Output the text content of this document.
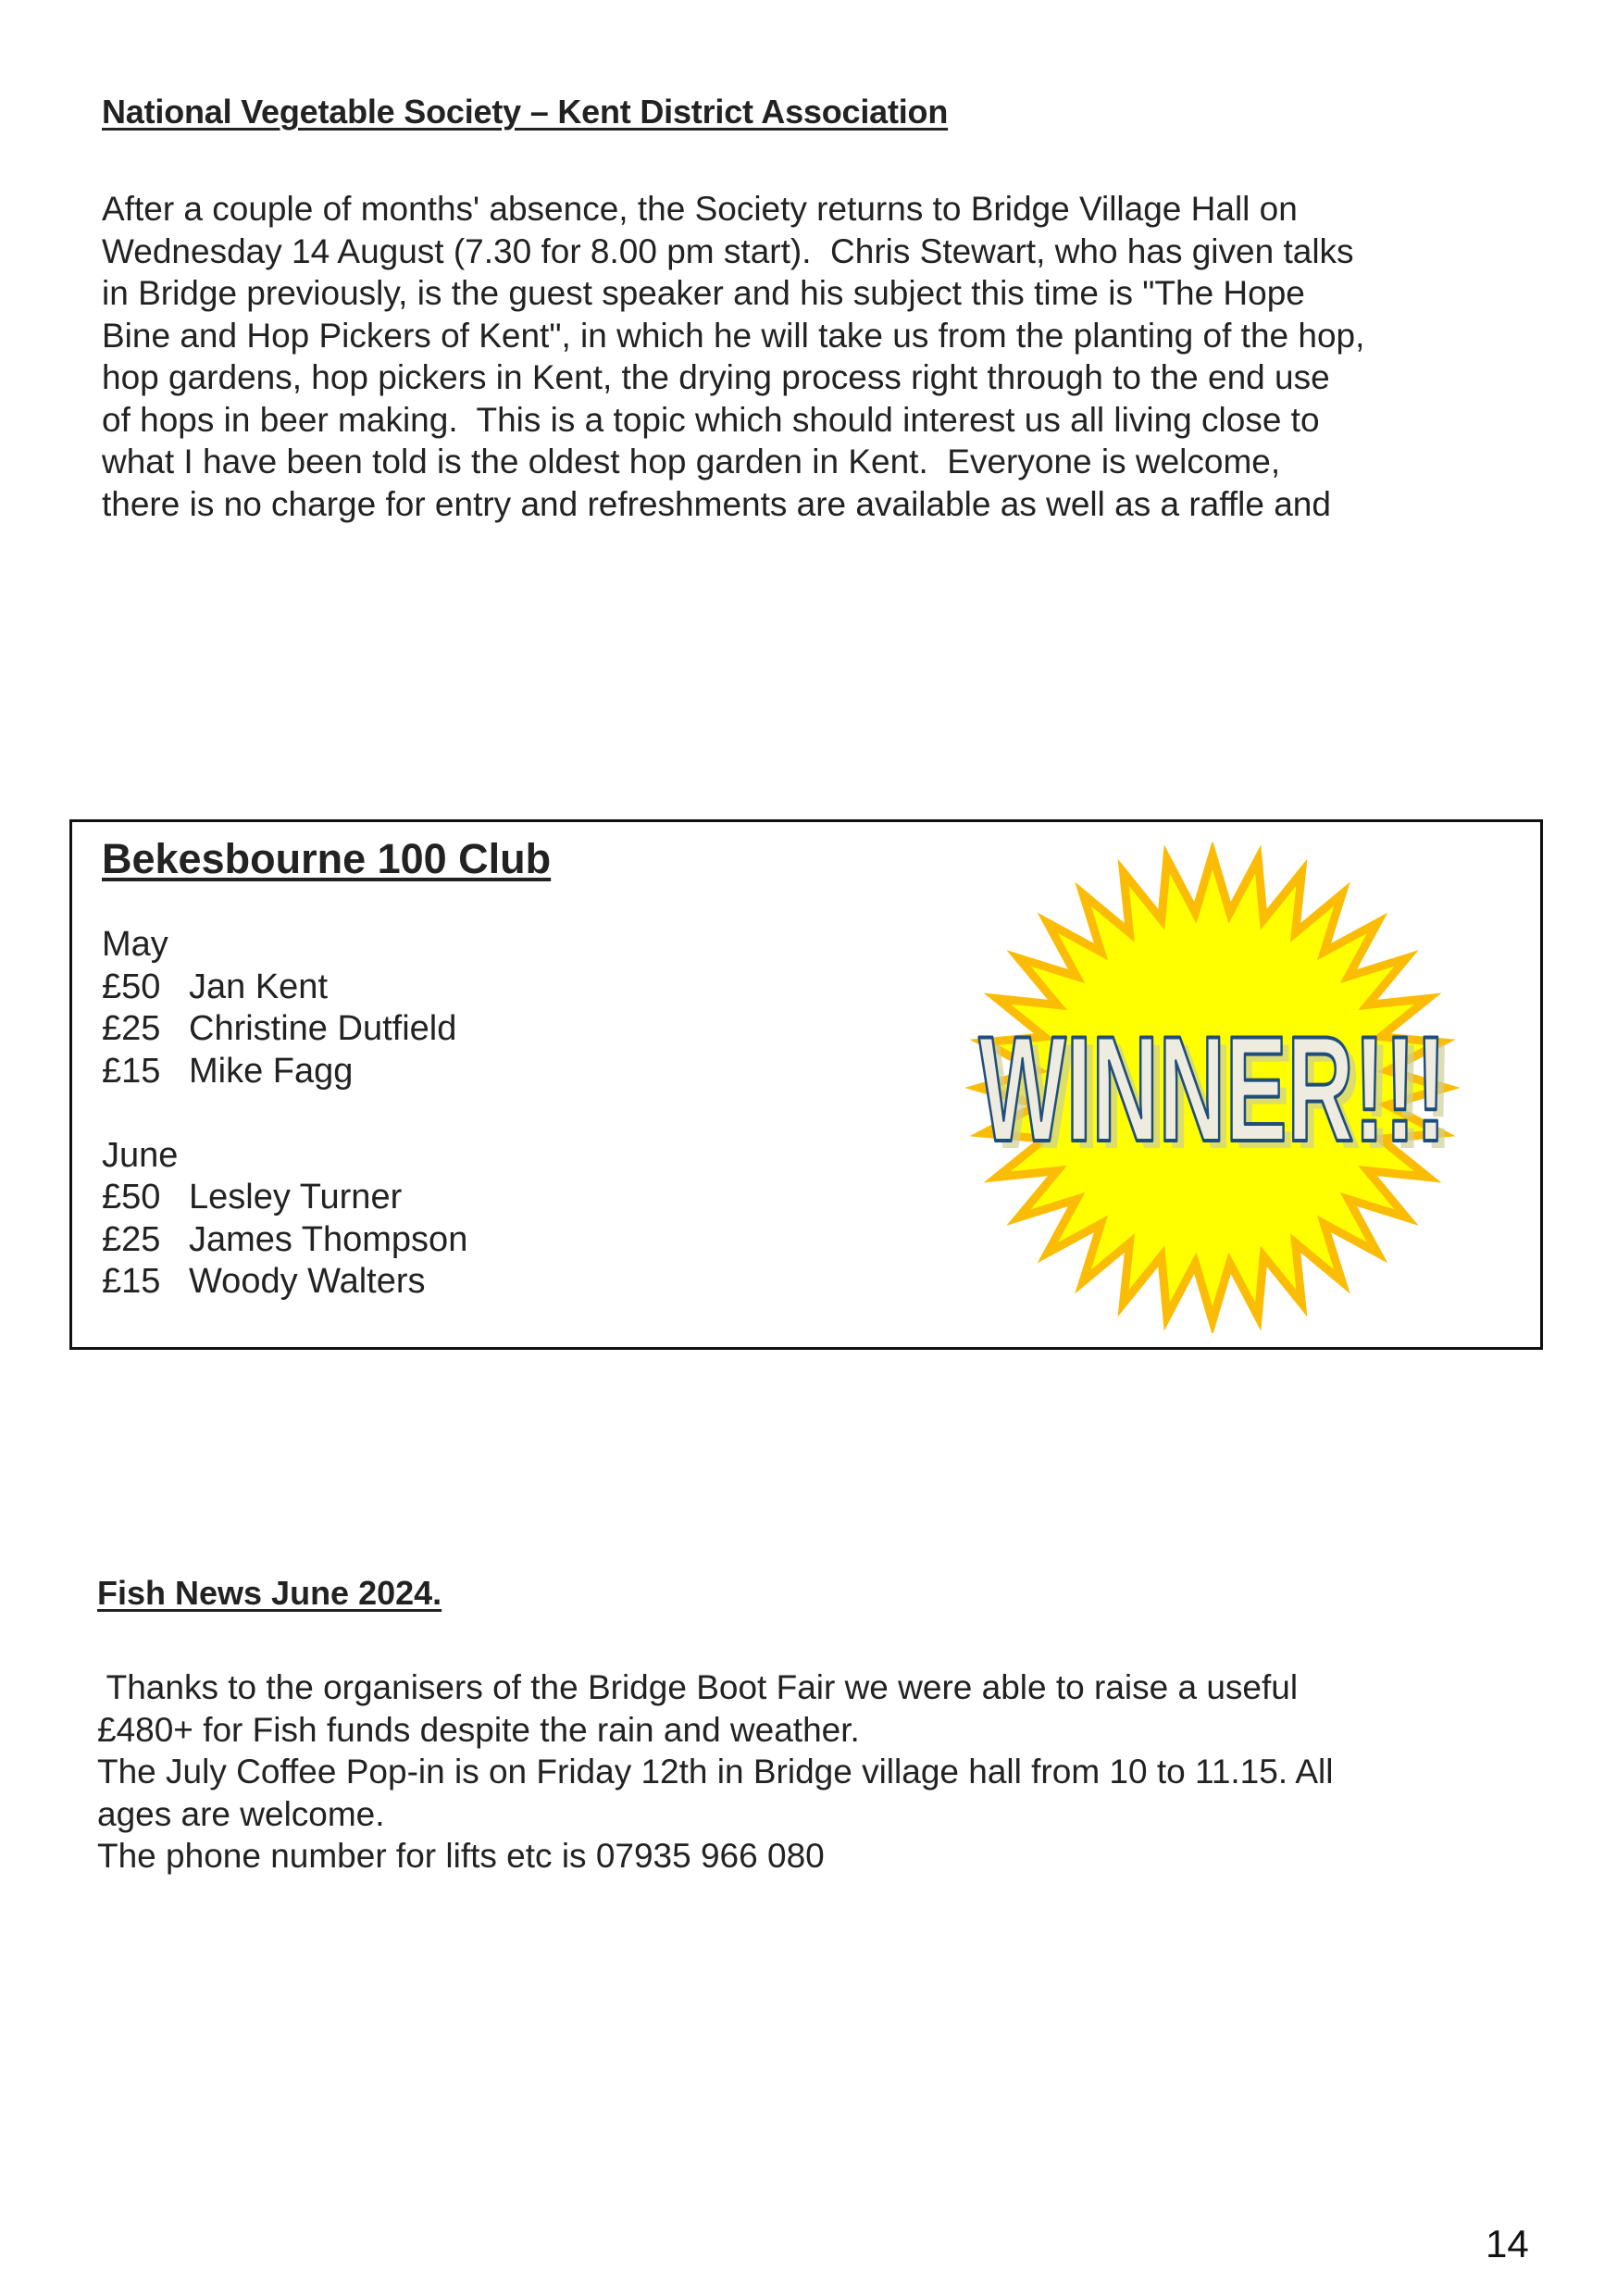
National Vegetable Society – Kent District Association

After a couple of months' absence, the Society returns to Bridge Village Hall on
Wednesday 14 August (7.30 for 8.00 pm start).  Chris Stewart, who has given talks
in Bridge previously, is the guest speaker and his subject this time is "The Hope
Bine and Hop Pickers of Kent", in which he will take us from the planting of the hop,
hop gardens, hop pickers in Kent, the drying process right through to the end use
of hops in beer making.  This is a topic which should interest us all living close to
what I have been told is the oldest hop garden in Kent.  Everyone is welcome,
there is no charge for entry and refreshments are available as well as a raffle and

Bekesbourne 100 Club
May
£50 Jan Kent
£25 Christine Dutfield
£15 Mike Fagg
June
£50 Lesley Turner
£25 James Thompson
£15 Woody Walters
WINNER!!!
WINNER!!!
Fish News June 2024.

Thanks to the organisers of the Bridge Boot Fair we were able to raise a useful
£480+ for Fish funds despite the rain and weather.
The July Coffee Pop-in is on Friday 12th in Bridge village hall from 10 to 11.15. All
ages are welcome.
The phone number for lifts etc is 07935 966 080

14
